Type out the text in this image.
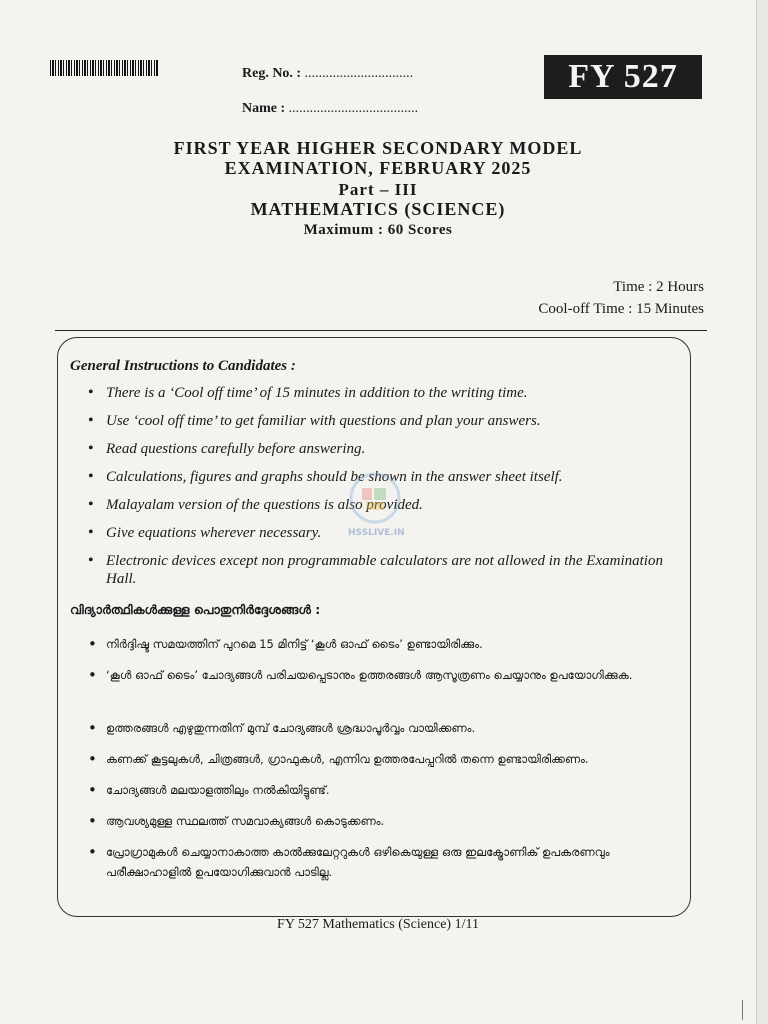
Reg. No. : ...............................
Name : .....................................
FY 527
FIRST YEAR HIGHER SECONDARY MODEL
EXAMINATION, FEBRUARY 2025
Part – III
MATHEMATICS (SCIENCE)
Maximum : 60 Scores
Time : 2 Hours
Cool-off Time : 15 Minutes
General Instructions to Candidates :
• There is a ‘Cool off time’ of 15 minutes in addition to the writing time.
• Use ‘cool off time’ to get familiar with questions and plan your answers.
• Read questions carefully before answering.
• Calculations, figures and graphs should be shown in the answer sheet itself.
• Malayalam version of the questions is also provided.
• Give equations wherever necessary.
• Electronic devices except non programmable calculators are not allowed in the Examination Hall.
വിദ്യാർത്ഥികൾക്കുള്ള പൊതുനിർദ്ദേശങ്ങൾ :
• നിർദ്ദിഷ്ട സമയത്തിന് പുറമെ 15 മിനിട്ട് ‘കൂൾ ഓഫ് ടൈം’ ഉണ്ടായിരിക്കും.
• ‘കൂൾ ഓഫ് ടൈം’ ചോദ്യങ്ങൾ പരിചയപ്പെടാനും ഉത്തരങ്ങൾ ആസൂത്രണം ചെയ്യാനും ഉപയോഗിക്കുക.
• ഉത്തരങ്ങൾ എഴുതുന്നതിന് മുമ്പ് ചോദ്യങ്ങൾ ശ്രദ്ധാപൂർവ്വം വായിക്കണം.
• കണക്ക് കൂട്ടലുകൾ, ചിത്രങ്ങൾ, ഗ്രാഫുകൾ, എന്നിവ ഉത്തരപേപ്പറിൽ തന്നെ ഉണ്ടായിരിക്കണം.
• ചോദ്യങ്ങൾ മലയാളത്തിലും നൽകിയിട്ടുണ്ട്.
• ആവശ്യമുള്ള സ്ഥലത്ത് സമവാക്യങ്ങൾ കൊടുക്കണം.
• പ്രോഗ്രാമുകൾ ചെയ്യാനാകാത്ത കാൽക്കുലേറ്ററുകൾ ഒഴികെയുള്ള ഒരു ഇലക്ട്രോണിക് ഉപകരണവും പരീക്ഷാഹാളിൽ ഉപയോഗിക്കുവാൻ പാടില്ല.
HSSLIVE.IN
FY 527 Mathematics (Science) 1/11
